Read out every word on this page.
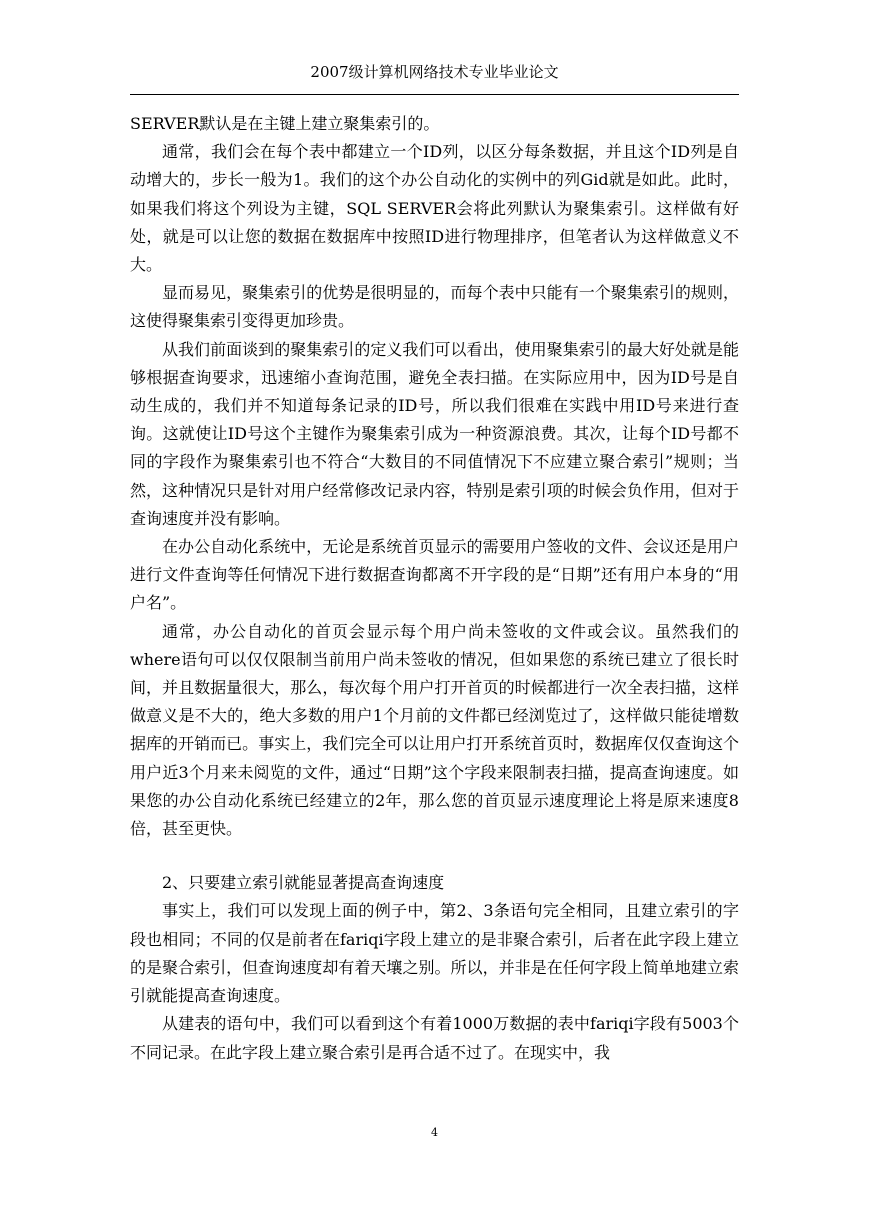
2007级计算机网络技术专业毕业论文

SERVER默认是在主键上建立聚集索引的。

通常，我们会在每个表中都建立一个ID列，以区分每条数据，并且这个ID列是自动增大的，步长一般为1。我们的这个办公自动化的实例中的列Gid就是如此。此时，如果我们将这个列设为主键，SQL SERVER会将此列默认为聚集索引。这样做有好处，就是可以让您的数据在数据库中按照ID进行物理排序，但笔者认为这样做意义不大。

显而易见，聚集索引的优势是很明显的，而每个表中只能有一个聚集索引的规则，这使得聚集索引变得更加珍贵。

从我们前面谈到的聚集索引的定义我们可以看出，使用聚集索引的最大好处就是能够根据查询要求，迅速缩小查询范围，避免全表扫描。在实际应用中，因为ID号是自动生成的，我们并不知道每条记录的ID号，所以我们很难在实践中用ID号来进行查询。这就使让ID号这个主键作为聚集索引成为一种资源浪费。其次，让每个ID号都不同的字段作为聚集索引也不符合“大数目的不同值情况下不应建立聚合索引”规则；当然，这种情况只是针对用户经常修改记录内容，特别是索引项的时候会负作用，但对于查询速度并没有影响。

在办公自动化系统中，无论是系统首页显示的需要用户签收的文件、会议还是用户进行文件查询等任何情况下进行数据查询都离不开字段的是“日期”还有用户本身的“用户名”。

通常，办公自动化的首页会显示每个用户尚未签收的文件或会议。虽然我们的where语句可以仅仅限制当前用户尚未签收的情况，但如果您的系统已建立了很长时间，并且数据量很大，那么，每次每个用户打开首页的时候都进行一次全表扫描，这样做意义是不大的，绝大多数的用户1个月前的文件都已经浏览过了，这样做只能徒增数据库的开销而已。事实上，我们完全可以让用户打开系统首页时，数据库仅仅查询这个用户近3个月来未阅览的文件，通过“日期”这个字段来限制表扫描，提高查询速度。如果您的办公自动化系统已经建立的2年，那么您的首页显示速度理论上将是原来速度8倍，甚至更快。

2、只要建立索引就能显著提高查询速度

事实上，我们可以发现上面的例子中，第2、3条语句完全相同，且建立索引的字段也相同；不同的仅是前者在fariqi字段上建立的是非聚合索引，后者在此字段上建立的是聚合索引，但查询速度却有着天壤之别。所以，并非是在任何字段上简单地建立索引就能提高查询速度。

从建表的语句中，我们可以看到这个有着1000万数据的表中fariqi字段有5003个不同记录。在此字段上建立聚合索引是再合适不过了。在现实中，我

4
